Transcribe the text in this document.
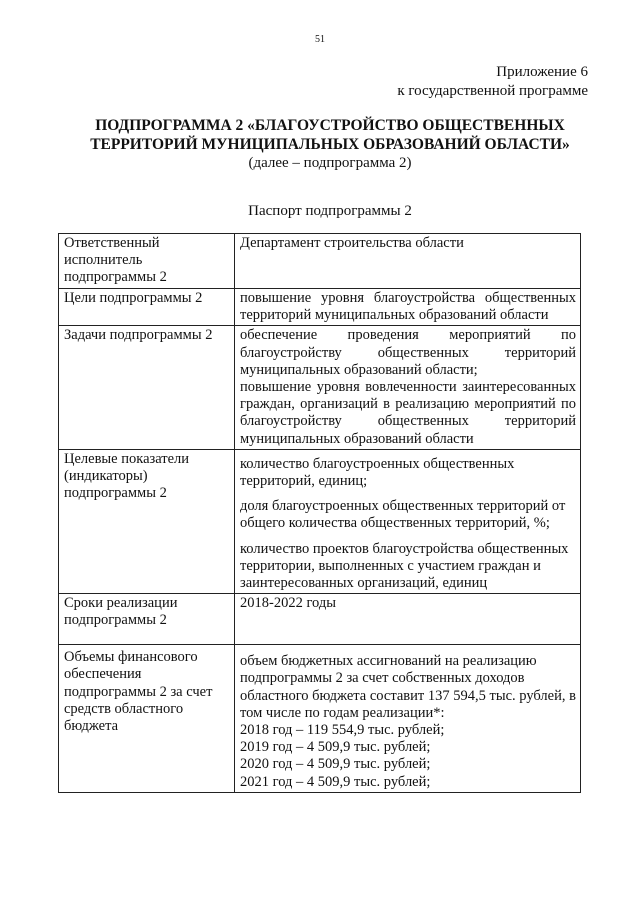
51
Приложение 6
к государственной программе
ПОДПРОГРАММА 2 «БЛАГОУСТРОЙСТВО ОБЩЕСТВЕННЫХ
ТЕРРИТОРИЙ МУНИЦИПАЛЬНЫХ ОБРАЗОВАНИЙ ОБЛАСТИ»
(далее – подпрограмма 2)
Паспорт подпрограммы 2
Ответственный исполнитель подпрограммы 2	Департамент строительства области
Цели подпрограммы 2	повышение уровня благоустройства общественных территорий муниципальных образований области
Задачи подпрограммы 2	обеспечение проведения мероприятий по благоустройству общественных территорий муниципальных образований области;

повышение уровня вовлеченности заинтересованных граждан, организаций в реализацию мероприятий по благоустройству общественных территорий муниципальных образований области

Целевые показатели (индикаторы) подпрограммы 2	количество благоустроенных общественных территорий, единиц;

доля благоустроенных общественных территорий от общего количества общественных территорий, %;

количество проектов благоустройства общественных территории, выполненных с участием граждан и заинтересованных организаций, единиц

Сроки реализации подпрограммы 2	2018-2022 годы
Объемы финансового обеспечения подпрограммы 2 за счет средств областного бюджета	объем бюджетных ассигнований на реализацию подпрограммы 2 за счет собственных доходов областного бюджета составит 137 594,5 тыс. рублей, в том числе по годам реализации*:

2018 год – 119 554,9 тыс. рублей;

2019 год – 4 509,9 тыс. рублей;

2020 год – 4 509,9 тыс. рублей;

2021 год – 4 509,9 тыс. рублей;
